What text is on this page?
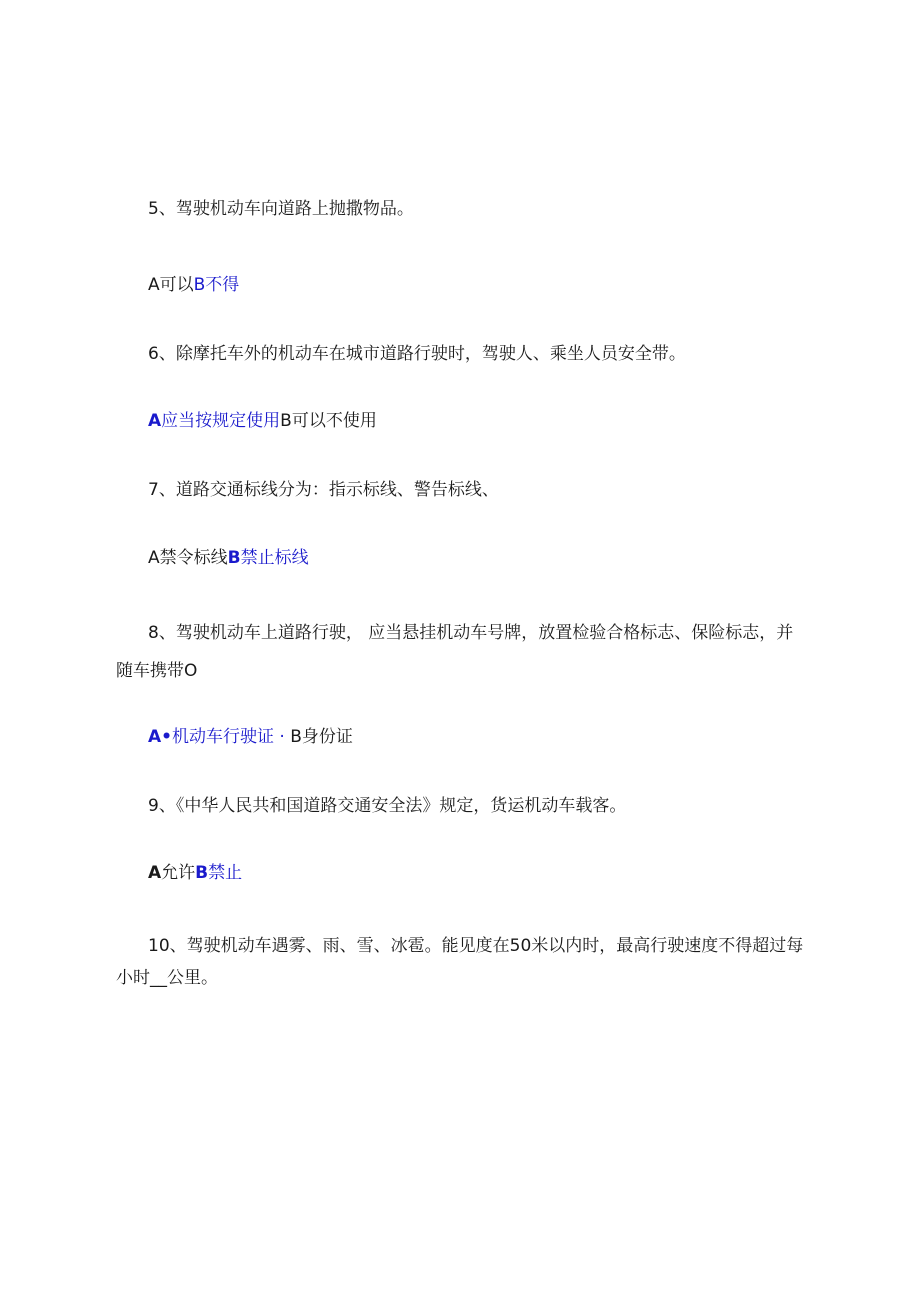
5、驾驶机动车向道路上抛撒物品。
A可以B不得
6、除摩托车外的机动车在城市道路行驶时，驾驶人、乘坐人员安全带。
A应当按规定使用B可以不使用
7、道路交通标线分为：指示标线、警告标线、
A禁令标线B禁止标线
8、驾驶机动车上道路行驶， 应当悬挂机动车号牌，放置检验合格标志、保险标志，并
随车携带O
A•机动车行驶证 · B身份证
9、《中华人民共和国道路交通安全法》规定，货运机动车载客。
A允许B禁止
10、驾驶机动车遇雾、雨、雪、冰雹。能见度在50米以内时，最高行驶速度不得超过每
小时__公里。
